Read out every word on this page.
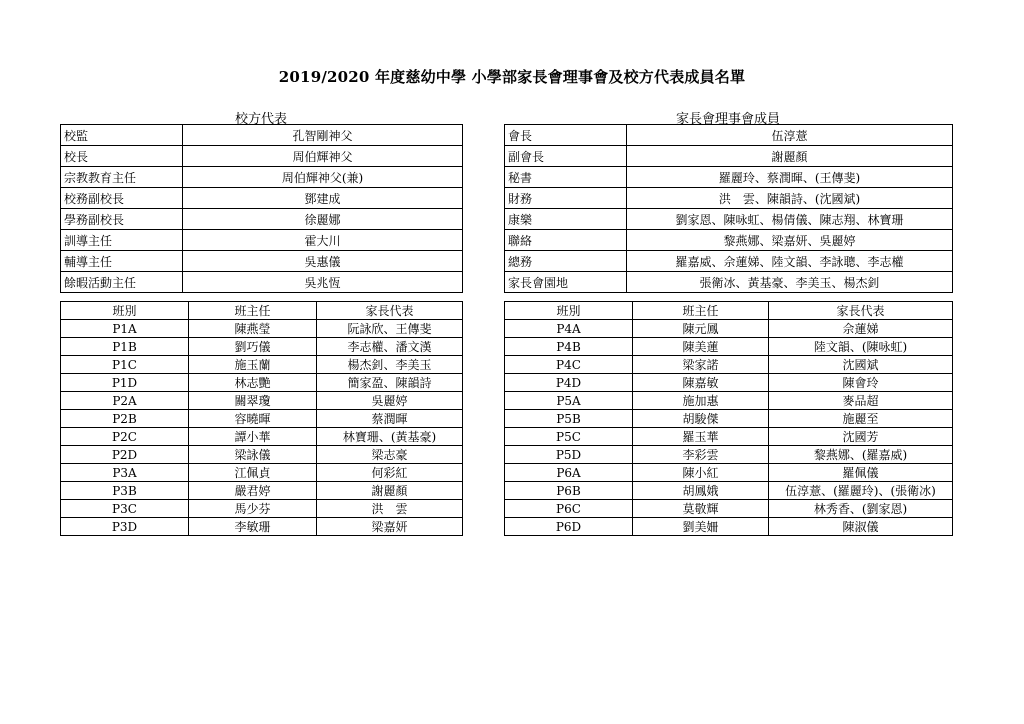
2019/2020 年度慈幼中學 小學部家長會理事會及校方代表成員名單
校方代表	家長會理事會成員
校監	孔智剛神父
校長	周伯輝神父
宗教教育主任	周伯輝神父(兼)
校務副校長	鄧建成
學務副校長	徐麗娜
訓導主任	霍大川
輔導主任	吳惠儀
餘暇活動主任	吳兆恆
會長	伍淳薏
副會長	謝麗顏
秘書	羅麗玲、蔡潤暉、(王傳斐)
財務	洪　雲、陳韻詩、(沈國斌)
康樂	劉家恩、陳咏虹、楊倩儀、陳志翔、林寶珊
聯絡	黎燕娜、梁嘉妍、吳麗婷
總務	羅嘉威、佘蓮娣、陸文韻、李詠聰、李志權
家長會園地	張衛冰、黃基豪、李美玉、楊杰釗
班別	班主任	家長代表
P1A	陳燕瑩	阮詠欣、王傳斐
P1B	劉巧儀	李志權、潘文漢
P1C	施玉蘭	楊杰釗、李美玉
P1D	林志艷	簡家盈、陳韻詩
P2A	關翠瓊	吳麗婷
P2B	容曉暉	蔡潤暉
P2C	譚小華	林寶珊、(黃基豪)
P2D	梁詠儀	梁志豪
P3A	江佩貞	何彩紅
P3B	嚴君婷	謝麗顏
P3C	馬少芬	洪　雲
P3D	李敏珊	梁嘉妍
班別	班主任	家長代表
P4A	陳元鳳	佘蓮娣
P4B	陳美蓮	陸文韻、(陳咏虹)
P4C	梁家諾	沈國斌
P4D	陳嘉敏	陳會玲
P5A	施加惠	麥品超
P5B	胡駿傑	施麗至
P5C	羅玉華	沈國芳
P5D	李彩雲	黎燕娜、(羅嘉威)
P6A	陳小紅	羅佩儀
P6B	胡鳳娥	伍淳薏、(羅麗玲)、(張衛冰)
P6C	莫敬輝	林秀香、(劉家恩)
P6D	劉美姍	陳淑儀
